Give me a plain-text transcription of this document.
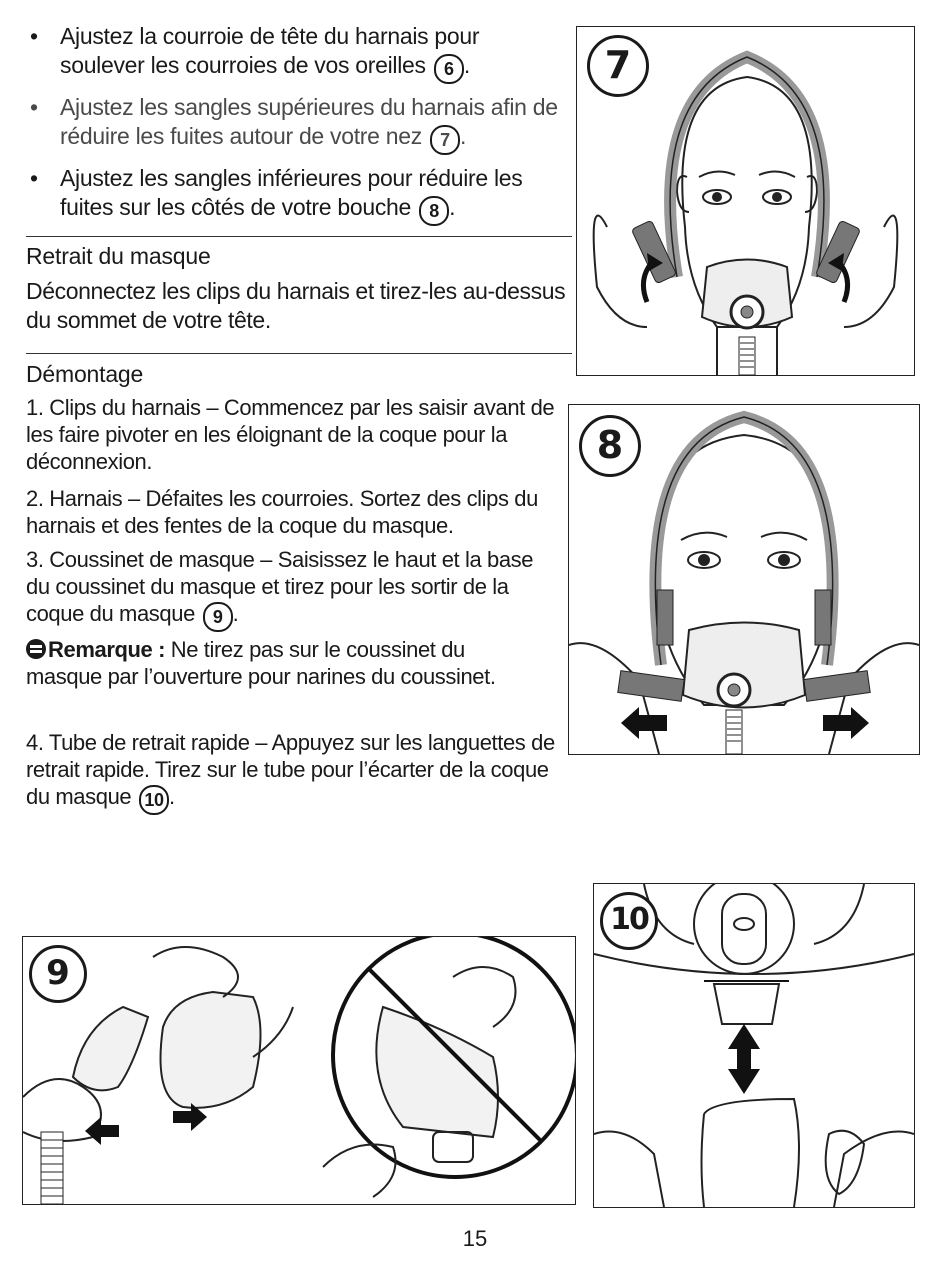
• Ajustez la courroie de tête du harnais pour soulever les courroies de vos oreilles 6 .
• Ajustez les sangles supérieures du harnais afin de réduire les fuites autour de votre nez 7 .
• Ajustez les sangles inférieures pour réduire les fuites sur les côtés de votre bouche 8 .
Retrait du masque
Déconnectez les clips du harnais et tirez-les au-dessus du sommet de votre tête.
Démontage
1. Clips du harnais – Commencez par les saisir avant de les faire pivoter en les éloignant de la coque pour la déconnexion.
2. Harnais – Défaites les courroies. Sortez des clips du harnais et des fentes de la coque du masque.
3. Coussinet de masque – Saisissez le haut et la base du coussinet du masque et tirez pour les sortir de la coque du masque 9 .
Remarque : Ne tirez pas sur le coussinet du masque par l’ouverture pour narines du coussinet.
4. Tube de retrait rapide – Appuyez sur les languettes de retrait rapide. Tirez sur le tube pour l’écarter de la coque du masque 10 .
7
8
9
10
15
